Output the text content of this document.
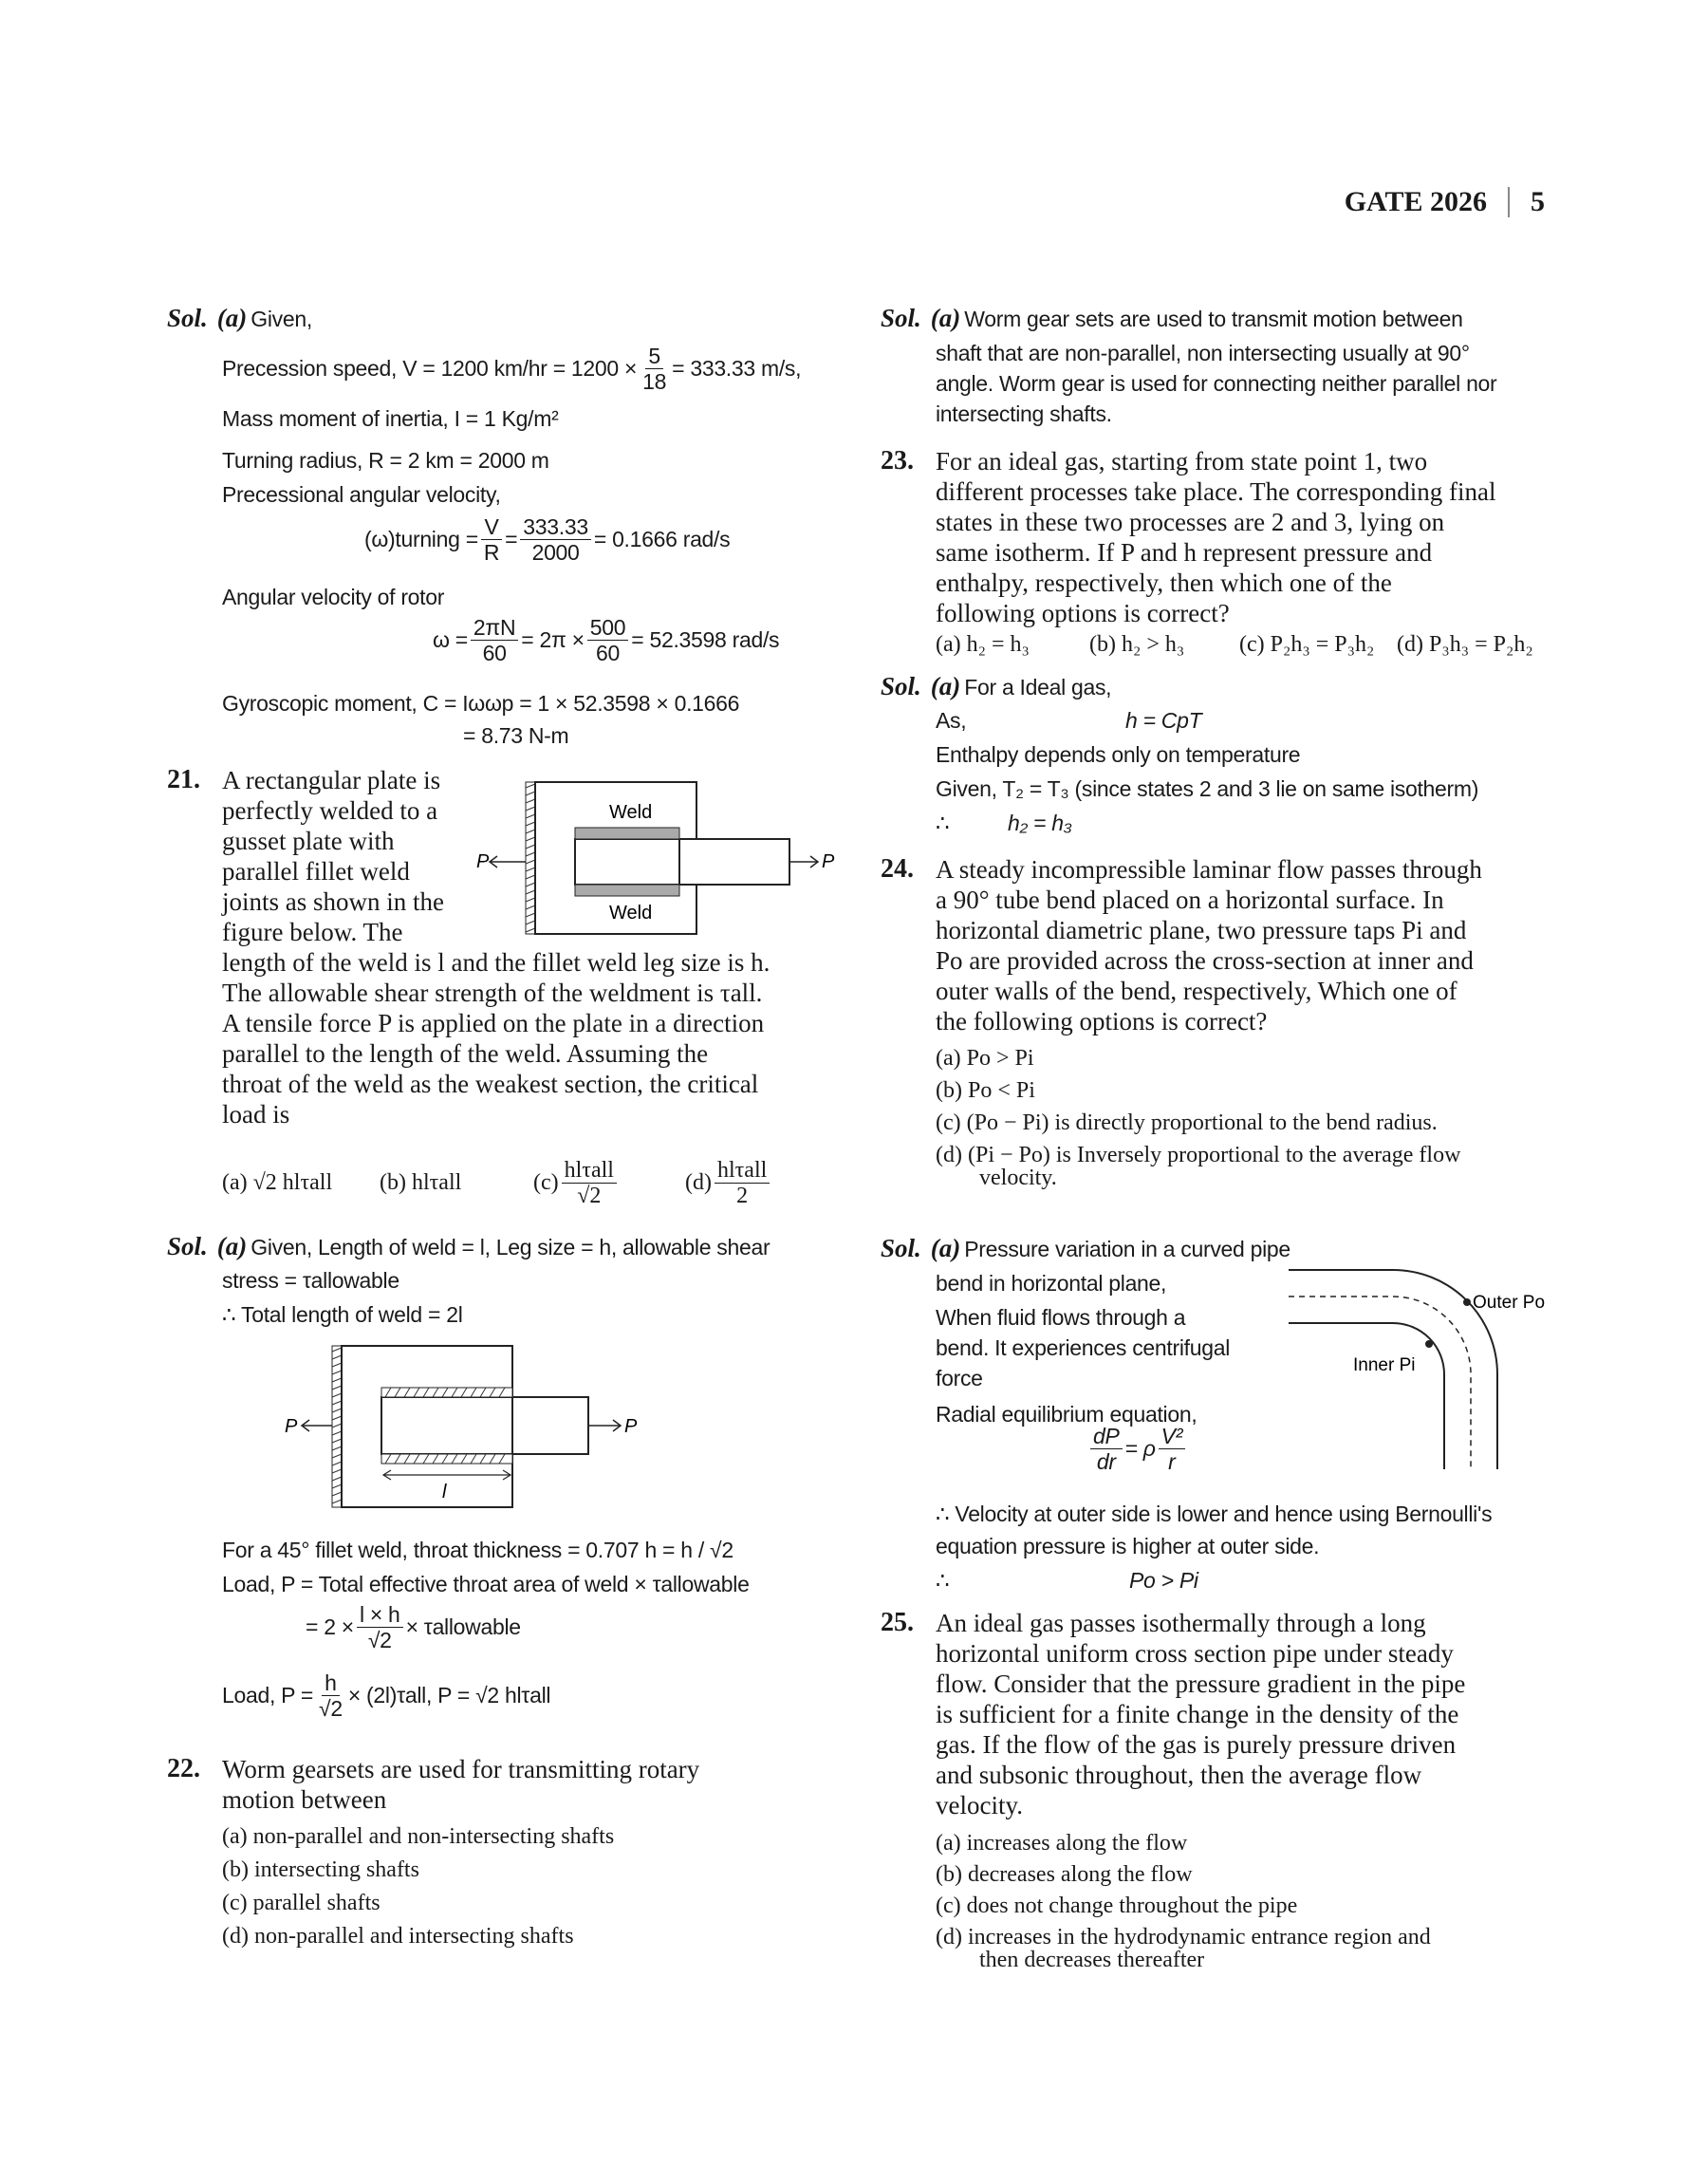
GATE 2026 5
Sol. (a) Given,
Precession speed, V = 1200 $km/hr = 1200 \times \frac{5}{18} = 333.33$ m/s,
Mass moment of inertia, I = 1 Kg/m²
Turning radius, R = 2 km = 2000 m
Precessional angular velocity,
(ω)turning = $\frac{V}{R} = \frac{333.33}{2000} = 0.1666$ rad/s
Angular velocity of rotor
$\omega = \frac{2\pi N}{60} = 2\pi \times \frac{500}{60} = 52.3598$ rad/s
Gyroscopic moment, C = Iωωp = 1 × 52.3598 × 0.1666
= 8.73 N-m
21. A rectangular plate is
perfectly welded to a
gusset plate with
parallel fillet weld
joints as shown in the
figure below. The
Weld
Weld
P	P
length of the weld is l and the fillet weld leg size is h.
The allowable shear strength of the weldment is τall.
A tensile force P is applied on the plate in a direction
parallel to the length of the weld. Assuming the
throat of the weld as the weakest section, the critical
load is
(a) √2 hlτall	(b) hlτall	$(c) \frac{\text{hlτall}}{√2}$	$(d) \frac{\text{hlτall}}{2}$
Sol. (a) Given, Length of weld = l, Leg size = h, allowable shear
stress = τallowable
∴ Total length of weld = 2l
l
P	P
For a 45° fillet weld, throat thickness = 0.707 h = h / √2
Load, P = Total effective throat area of weld × τallowable
= $2 \times \frac{l \times h}{√2}$ × τallowable
Load, $P = \frac{h}{√2} \times (2l)\tau all$, P = √2 hlτall
22. Worm gearsets are used for transmitting rotary
motion between
(a) non-parallel and non-intersecting shafts
(b) intersecting shafts
(c) parallel shafts
(d) non-parallel and intersecting shafts
Sol. (a) Worm gear sets are used to transmit motion between
shaft that are non-parallel, non intersecting usually at 90°
angle. Worm gear is used for connecting neither parallel nor
intersecting shafts.
23. For an ideal gas, starting from state point 1, two
different processes take place. The corresponding final
states in these two processes are 2 and 3, lying on
same isotherm. If P and h represent pressure and
enthalpy, respectively, then which one of the
following options is correct?
(a) h₂ = h₃	(b) h₂ > h₃	(c) P₂h₃ = P₃h₂ (d) P₃h₃ = P₂h₂
Sol. (a) For a Ideal gas,
As,	h = CpT
Enthalpy depends only on temperature
Given, T₂ = T₃ (since states 2 and 3 lie on same isotherm)
∴	h₂ = h₃
24. A steady incompressible laminar flow passes through
a 90° tube bend placed on a horizontal surface. In
horizontal diametric plane, two pressure taps Pi and
Po are provided across the cross-section at inner and
outer walls of the bend, respectively, Which one of
the following options is correct?
(a) Po > Pi
(b) Po < Pi
(c) (Po − Pi) is directly proportional to the bend radius.
(d) (Pi − Po) is Inversely proportional to the average flow
velocity.
Sol. (a) Pressure variation in a curved pipe
bend in horizontal plane,
When fluid flows through a
bend. It experiences centrifugal
force
Radial equilibrium equation,
Outer Po
Inner Pi
$\frac{dP}{dr} = \rho \frac{\text{V²}}{r}$
∴ Velocity at outer side is lower and hence using Bernoulli's
equation pressure is higher at outer side.
∴	Po > Pi
25. An ideal gas passes isothermally through a long
horizontal uniform cross section pipe under steady
flow. Consider that the pressure gradient in the pipe
is sufficient for a finite change in the density of the
gas. If the flow of the gas is purely pressure driven
and subsonic throughout, then the average flow
velocity.
(a) increases along the flow
(b) decreases along the flow
(c) does not change throughout the pipe
(d) increases in the hydrodynamic entrance region and
then decreases thereafter
